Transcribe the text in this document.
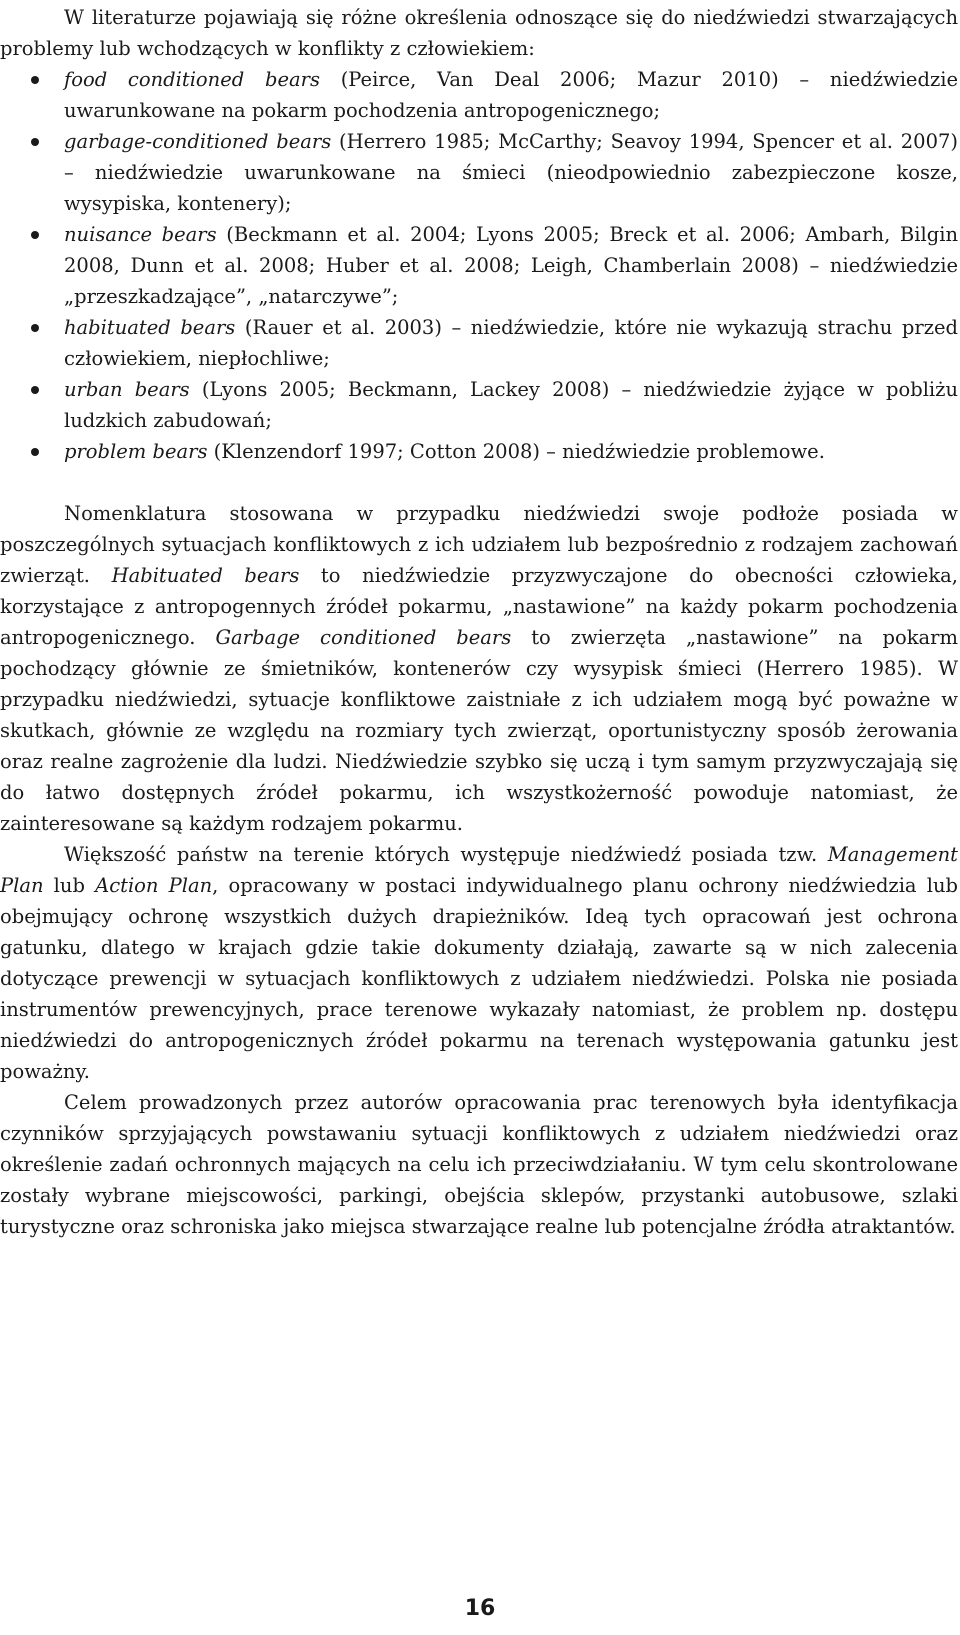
W literaturze pojawiają się różne określenia odnoszące się do niedźwiedzi stwarzających problemy lub wchodzących w konflikty z człowiekiem:

food conditioned bears (Peirce, Van Deal 2006; Mazur 2010) – niedźwiedzie uwarunkowane na pokarm pochodzenia antropogenicznego;
garbage-conditioned bears (Herrero 1985; McCarthy; Seavoy 1994, Spencer et al. 2007) – niedźwiedzie uwarunkowane na śmieci (nieodpowiednio zabezpieczone kosze, wysypiska, kontenery);
nuisance bears (Beckmann et al. 2004; Lyons 2005; Breck et al. 2006; Ambarh, Bilgin 2008, Dunn et al. 2008; Huber et al. 2008; Leigh, Chamberlain 2008) – niedźwiedzie „przeszkadzające”, „natarczywe”;
habituated bears (Rauer et al. 2003) – niedźwiedzie, które nie wykazują strachu przed człowiekiem, niepłochliwe;
urban bears (Lyons 2005; Beckmann, Lackey 2008) – niedźwiedzie żyjące w pobliżu ludzkich zabudowań;
problem bears (Klenzendorf 1997; Cotton 2008) – niedźwiedzie problemowe.

Nomenklatura stosowana w przypadku niedźwiedzi swoje podłoże posiada w poszczególnych sytuacjach konfliktowych z ich udziałem lub bezpośrednio z rodzajem zachowań zwierząt. Habituated bears to niedźwiedzie przyzwyczajone do obecności człowieka, korzystające z antropogennych źródeł pokarmu, „nastawione” na każdy pokarm pochodzenia antropogenicznego. Garbage conditioned bears to zwierzęta „nastawione” na pokarm pochodzący głównie ze śmietników, kontenerów czy wysypisk śmieci (Herrero 1985). W przypadku niedźwiedzi, sytuacje konfliktowe zaistniałe z ich udziałem mogą być poważne w skutkach, głównie ze względu na rozmiary tych zwierząt, oportunistyczny sposób żerowania oraz realne zagrożenie dla ludzi. Niedźwiedzie szybko się uczą i tym samym przyzwyczajają się do łatwo dostępnych źródeł pokarmu, ich wszystkożerność powoduje natomiast, że zainteresowane są każdym rodzajem pokarmu.

Większość państw na terenie których występuje niedźwiedź posiada tzw. Management Plan lub Action Plan, opracowany w postaci indywidualnego planu ochrony niedźwiedzia lub obejmujący ochronę wszystkich dużych drapieżników. Ideą tych opracowań jest ochrona gatunku, dlatego w krajach gdzie takie dokumenty działają, zawarte są w nich zalecenia dotyczące prewencji w sytuacjach konfliktowych z udziałem niedźwiedzi. Polska nie posiada instrumentów prewencyjnych, prace terenowe wykazały natomiast, że problem np. dostępu niedźwiedzi do antropogenicznych źródeł pokarmu na terenach występowania gatunku jest poważny.

Celem prowadzonych przez autorów opracowania prac terenowych była identyfikacja czynników sprzyjających powstawaniu sytuacji konfliktowych z udziałem niedźwiedzi oraz określenie zadań ochronnych mających na celu ich przeciwdziałaniu. W tym celu skontrolowane zostały wybrane miejscowości, parkingi, obejścia sklepów, przystanki autobusowe, szlaki turystyczne oraz schroniska jako miejsca stwarzające realne lub potencjalne źródła atraktantów.

16
